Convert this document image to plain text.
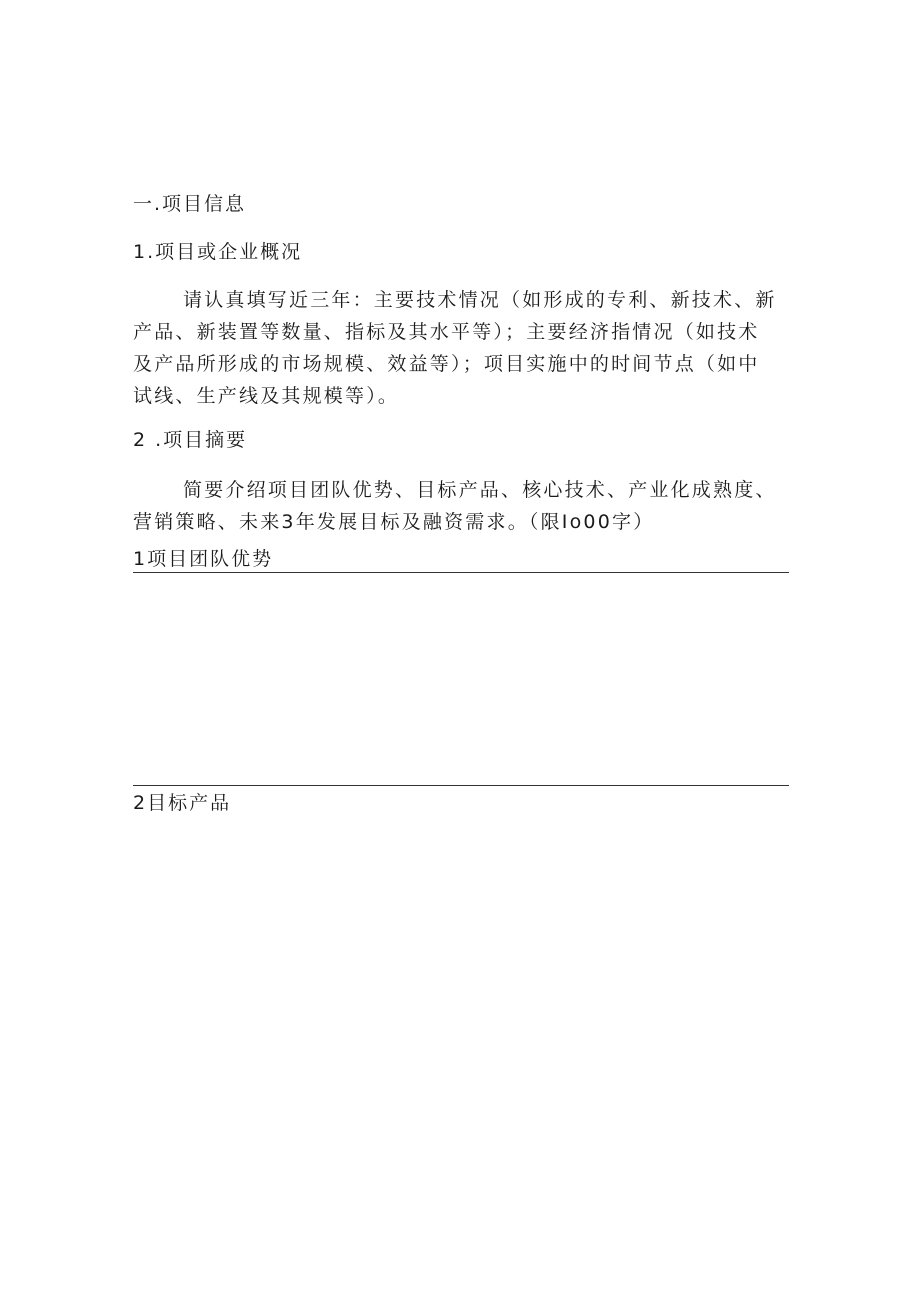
一.项目信息
1.项目或企业概况

请认真填写近三年：主要技术情况（如形成的专利、新技术、新

产品、新装置等数量、指标及其水平等）；主要经济指情况（如技术

及产品所形成的市场规模、效益等）；项目实施中的时间节点（如中

试线、生产线及其规模等）。

2 .项目摘要

简要介绍项目团队优势、目标产品、核心技术、产业化成熟度、

营销策略、未来3年发展目标及融资需求。（限Io00字）

1项目团队优势
2目标产品
